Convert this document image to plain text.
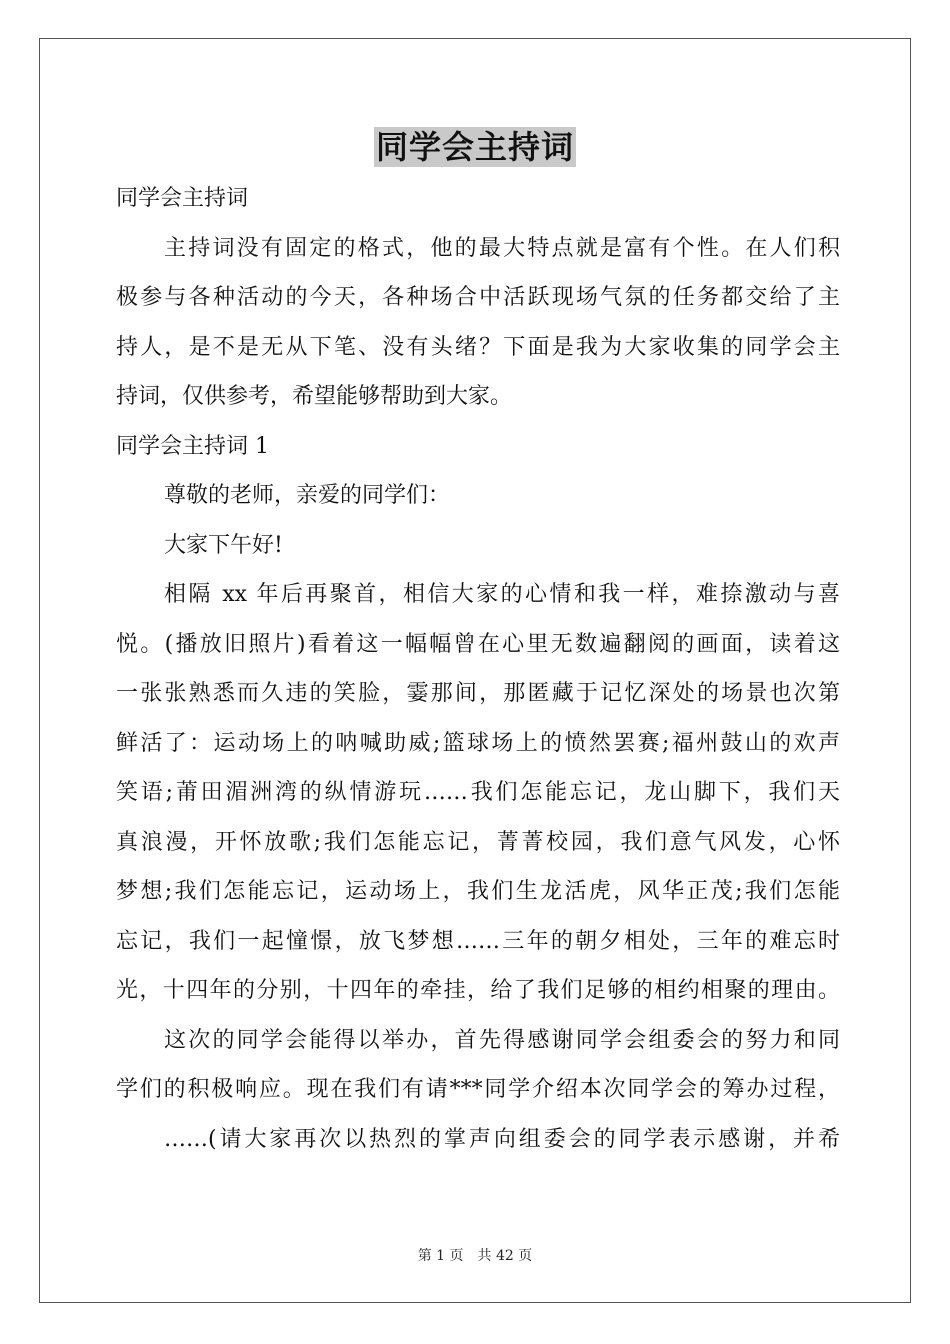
同学会主持词
同学会主持词
主持词没有固定的格式，他的最大特点就是富有个性。在人们积
极参与各种活动的今天，各种场合中活跃现场气氛的任务都交给了主
持人，是不是无从下笔、没有头绪？下面是我为大家收集的同学会主
持词，仅供参考，希望能够帮助到大家。
同学会主持词 1
尊敬的老师，亲爱的同学们：
大家下午好!
相隔 xx 年后再聚首，相信大家的心情和我一样，难捺激动与喜
悦。(播放旧照片)看着这一幅幅曾在心里无数遍翻阅的画面，读着这
一张张熟悉而久违的笑脸，霎那间，那匿藏于记忆深处的场景也次第
鲜活了：运动场上的呐喊助威;篮球场上的愤然罢赛;福州鼓山的欢声
笑语;莆田湄洲湾的纵情游玩……我们怎能忘记，龙山脚下，我们天
真浪漫，开怀放歌;我们怎能忘记，菁菁校园，我们意气风发，心怀
梦想;我们怎能忘记，运动场上，我们生龙活虎，风华正茂;我们怎能
忘记，我们一起憧憬，放飞梦想……三年的朝夕相处，三年的难忘时
光，十四年的分别，十四年的牵挂，给了我们足够的相约相聚的理由。
这次的同学会能得以举办，首先得感谢同学会组委会的努力和同
学们的积极响应。现在我们有请***同学介绍本次同学会的筹办过程，
……(请大家再次以热烈的掌声向组委会的同学表示感谢，并希
第 1 页　共 42 页
